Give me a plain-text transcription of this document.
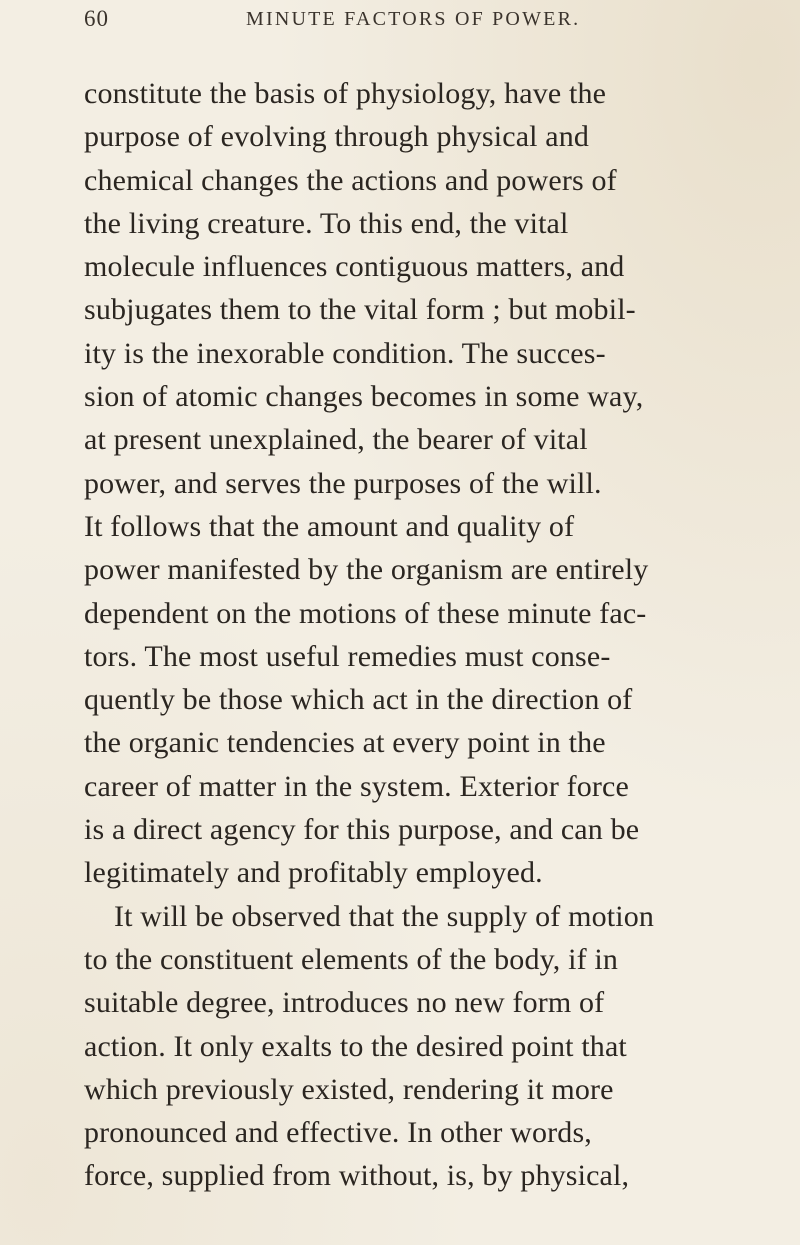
60	MINUTE FACTORS OF POWER.
constitute the basis of physiology, have the
purpose of evolving through physical and
chemical changes the actions and powers of
the living creature. To this end, the vital
molecule influences contiguous matters, and
subjugates them to the vital form ; but mobil-
ity is the inexorable condition. The succes-
sion of atomic changes becomes in some way,
at present unexplained, the bearer of vital
power, and serves the purposes of the will.
It follows that the amount and quality of
power manifested by the organism are entirely
dependent on the motions of these minute fac-
tors. The most useful remedies must conse-
quently be those which act in the direction of
the organic tendencies at every point in the
career of matter in the system. Exterior force
is a direct agency for this purpose, and can be
legitimately and profitably employed.
It will be observed that the supply of motion
to the constituent elements of the body, if in
suitable degree, introduces no new form of
action. It only exalts to the desired point that
which previously existed, rendering it more
pronounced and effective. In other words,
force, supplied from without, is, by physical,
